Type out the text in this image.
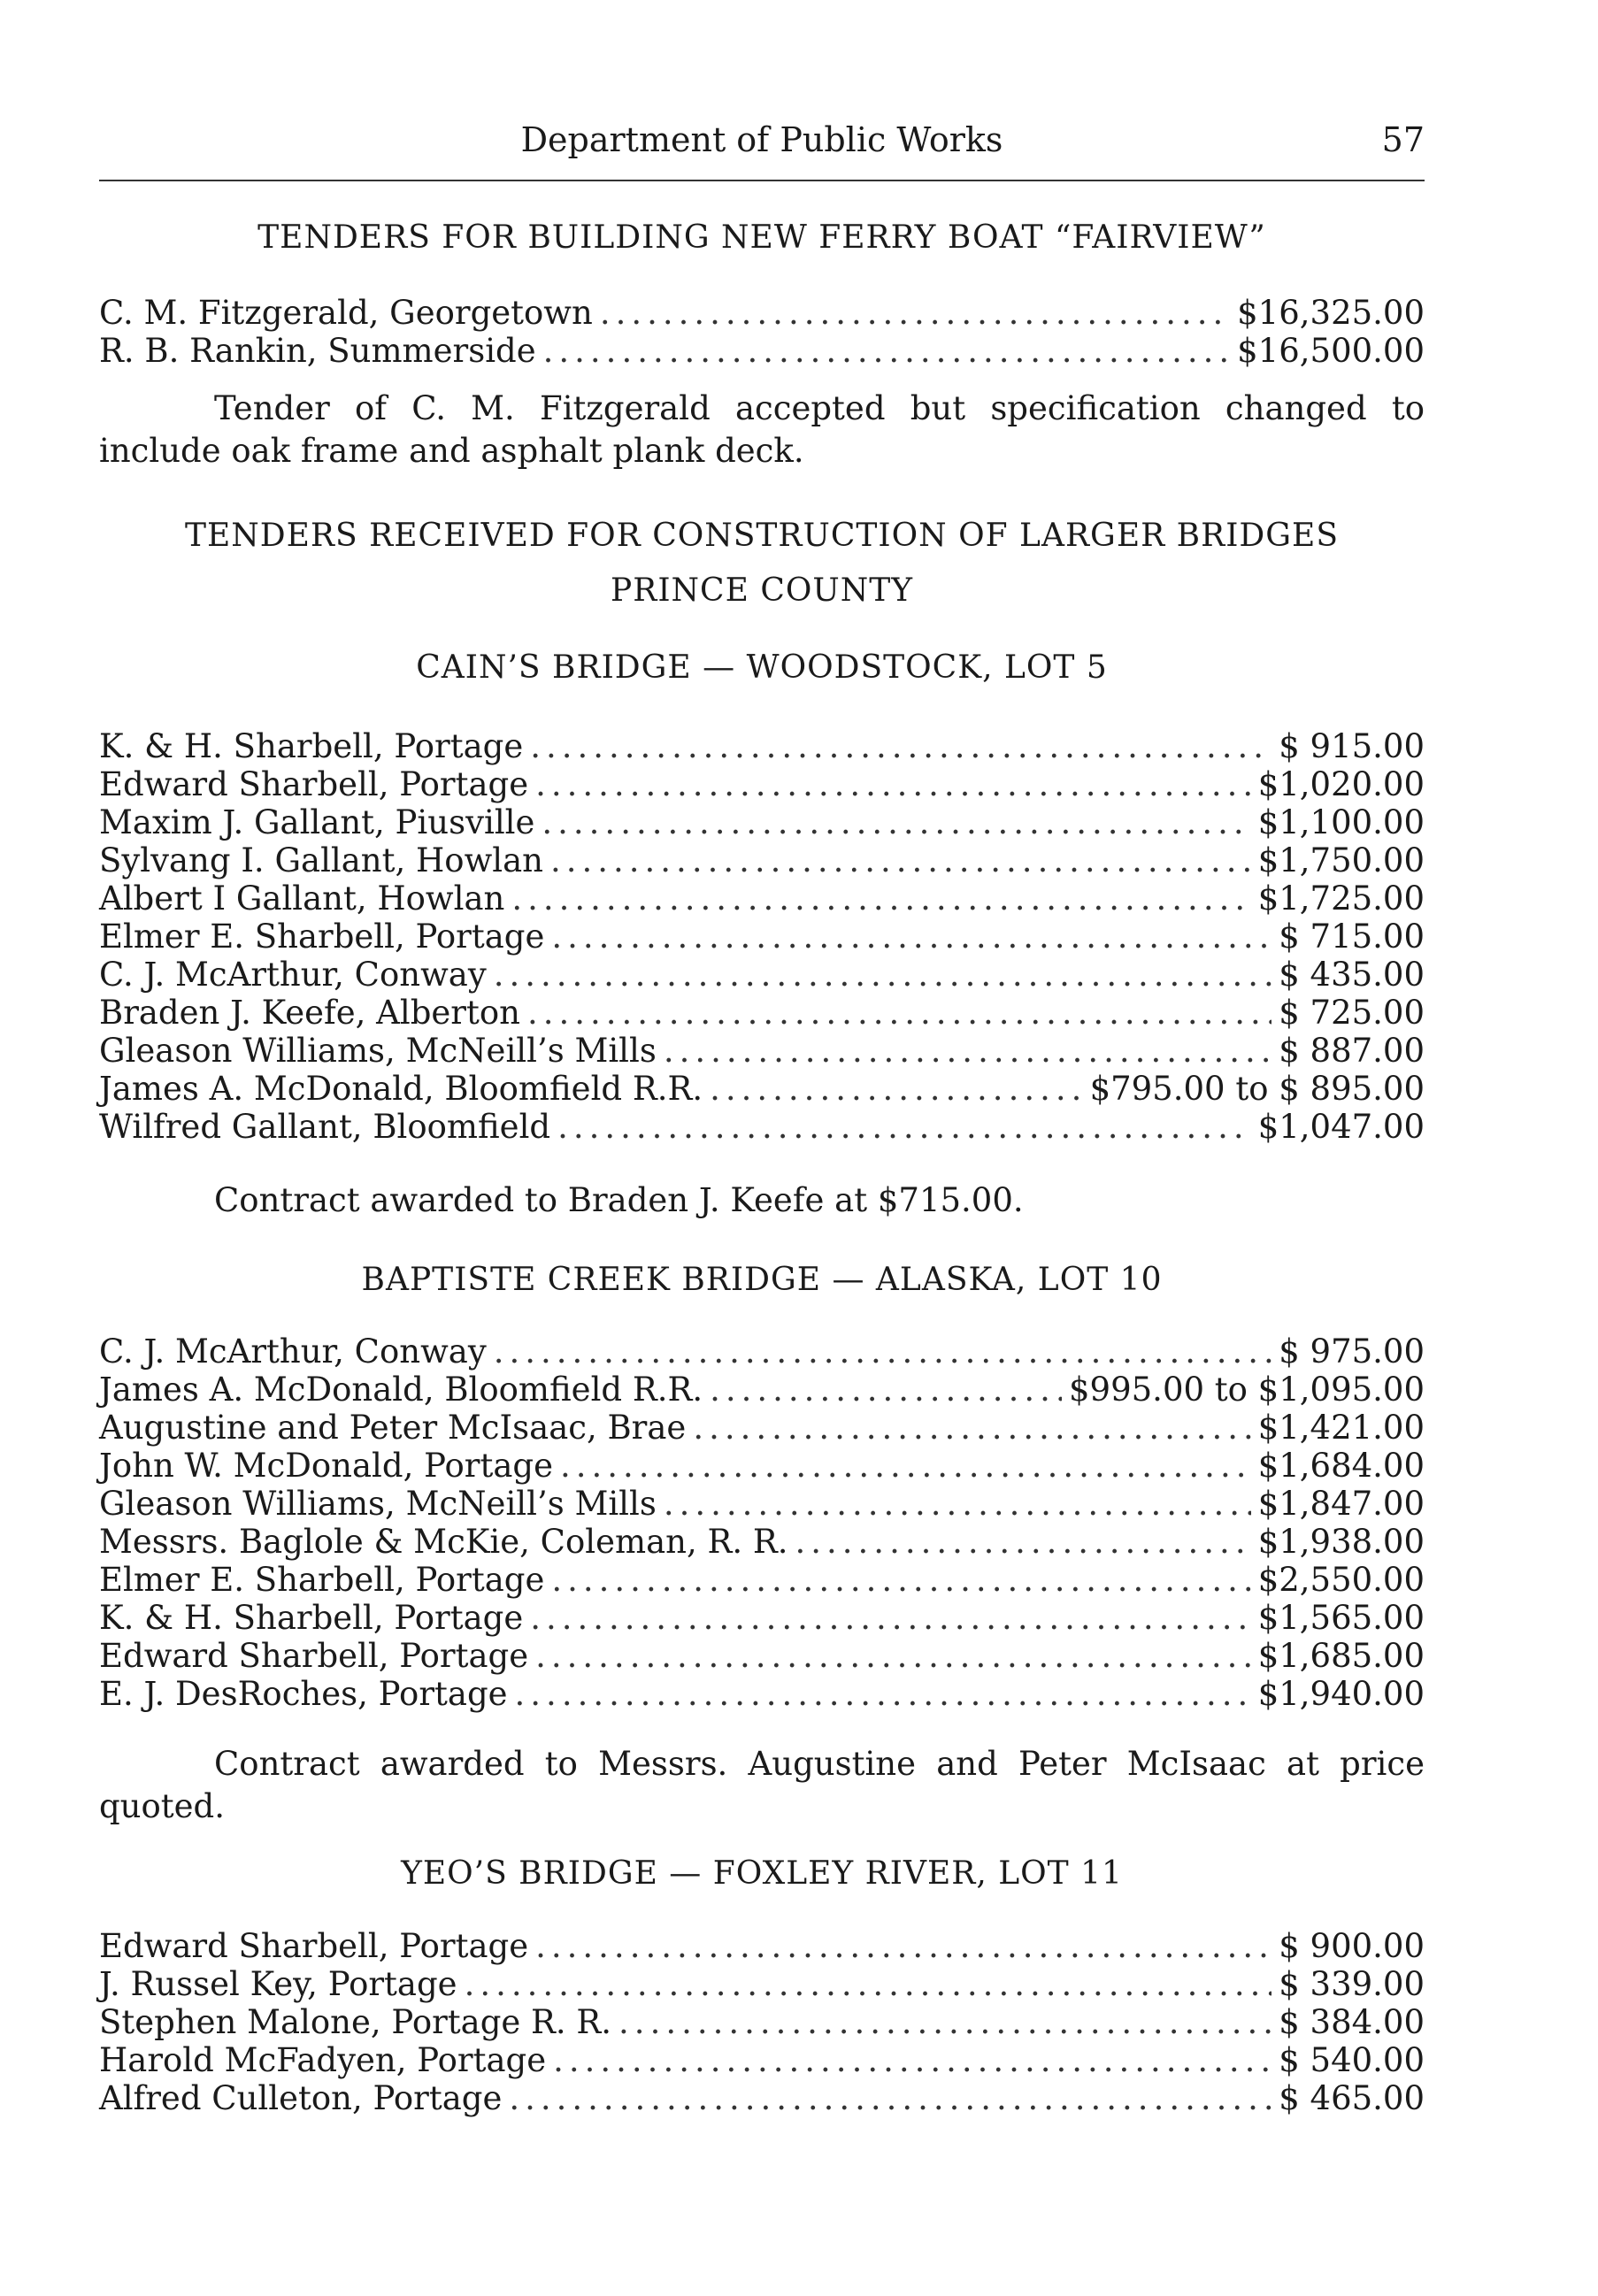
Department of Public Works	57
TENDERS FOR BUILDING NEW FERRY BOAT “FAIRVIEW”
C. M. Fitzgerald, Georgetown .....	$16,325.00
R. B. Rankin, Summerside .....	$16,500.00
Tender of C. M. Fitzgerald accepted but specification changed to include oak frame and asphalt plank deck.
TENDERS RECEIVED FOR CONSTRUCTION OF LARGER BRIDGES
PRINCE COUNTY
CAIN’S BRIDGE — WOODSTOCK, LOT 5
K. & H. Sharbell, Portage .....	$ 915.00
Edward Sharbell, Portage .....	$1,020.00
Maxim J. Gallant, Piusville .....	$1,100.00
Sylvang I. Gallant, Howlan .....	$1,750.00
Albert I Gallant, Howlan .....	$1,725.00
Elmer E. Sharbell, Portage .....	$ 715.00
C. J. McArthur, Conway .....	$ 435.00
Braden J. Keefe, Alberton .....	$ 725.00
Gleason Williams, McNeill’s Mills .....	$ 887.00
James A. McDonald, Bloomfield R.R. .....	$795.00 to $ 895.00
Wilfred Gallant, Bloomfield .....	$1,047.00
Contract awarded to Braden J. Keefe at $715.00.
BAPTISTE CREEK BRIDGE — ALASKA, LOT 10
C. J. McArthur, Conway .....	$ 975.00
James A. McDonald, Bloomfield R.R. .....	$995.00 to $1,095.00
Augustine and Peter McIsaac, Brae .....	$1,421.00
John W. McDonald, Portage .....	$1,684.00
Gleason Williams, McNeill’s Mills .....	$1,847.00
Messrs. Baglole & McKie, Coleman, R. R. .....	$1,938.00
Elmer E. Sharbell, Portage .....	$2,550.00
K. & H. Sharbell, Portage .....	$1,565.00
Edward Sharbell, Portage .....	$1,685.00
E. J. DesRoches, Portage .....	$1,940.00
Contract awarded to Messrs. Augustine and Peter McIsaac at price quoted.
YEO’S BRIDGE — FOXLEY RIVER, LOT 11
Edward Sharbell, Portage .....	$ 900.00
J. Russel Key, Portage .....	$ 339.00
Stephen Malone, Portage R. R. .....	$ 384.00
Harold McFadyen, Portage .....	$ 540.00
Alfred Culleton, Portage .....	$ 465.00
